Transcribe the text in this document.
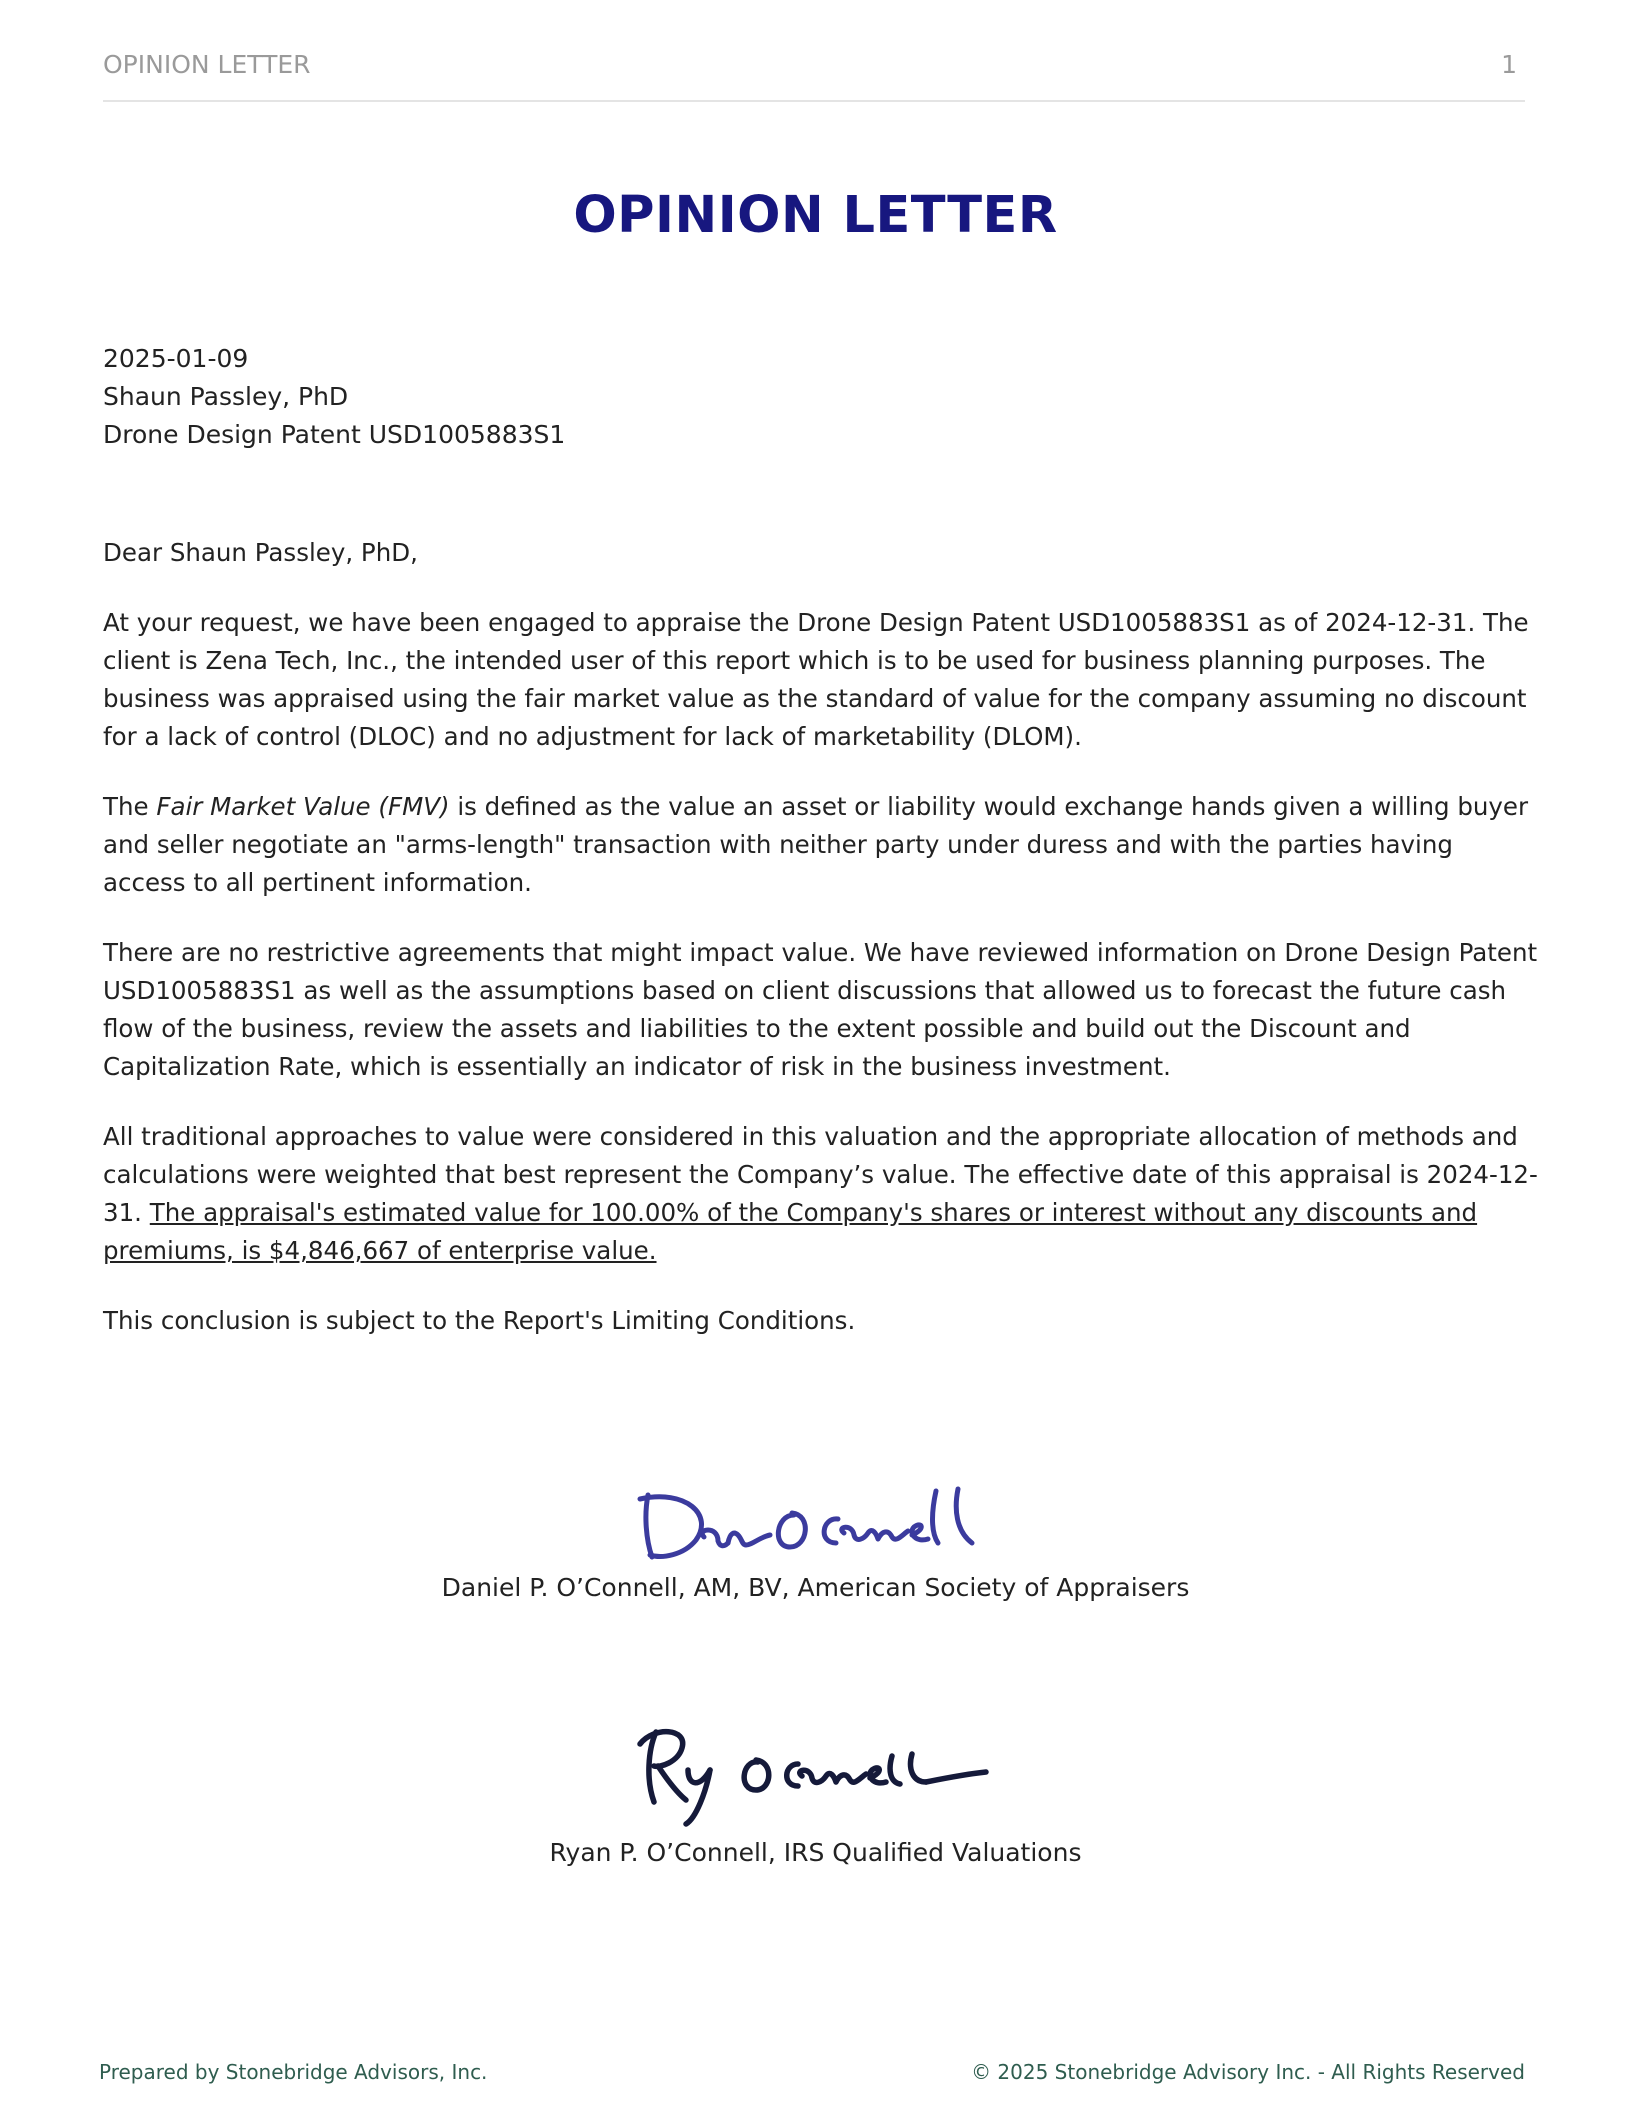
OPINION LETTER	1
OPINION LETTER
2025-01-09
Shaun Passley, PhD
Drone Design Patent USD1005883S1

Dear Shaun Passley, PhD,

At your request, we have been engaged to appraise the Drone Design Patent USD1005883S1 as of 2024-12-31. The client is Zena Tech, Inc., the intended user of this report which is to be used for business planning purposes. The business was appraised using the fair market value as the standard of value for the company assuming no discount for a lack of control (DLOC) and no adjustment for lack of marketability (DLOM).

The Fair Market Value (FMV) is defined as the value an asset or liability would exchange hands given a willing buyer and seller negotiate an "arms-length" transaction with neither party under duress and with the parties having access to all pertinent information.

There are no restrictive agreements that might impact value. We have reviewed information on Drone Design Patent USD1005883S1 as well as the assumptions based on client discussions that allowed us to forecast the future cash flow of the business, review the assets and liabilities to the extent possible and build out the Discount and Capitalization Rate, which is essentially an indicator of risk in the business investment.

All traditional approaches to value were considered in this valuation and the appropriate allocation of methods and calculations were weighted that best represent the Company’s value. The effective date of this appraisal is 2024-12-31. The appraisal's estimated value for 100.00% of the Company's shares or interest without any discounts and premiums, is $4,846,667 of enterprise value.

This conclusion is subject to the Report's Limiting Conditions.

Daniel P. O’Connell, AM, BV, American Society of Appraisers
Ryan P. O’Connell, IRS Qualified Valuations
Prepared by Stonebridge Advisors, Inc.	© 2025 Stonebridge Advisory Inc. - All Rights Reserved
